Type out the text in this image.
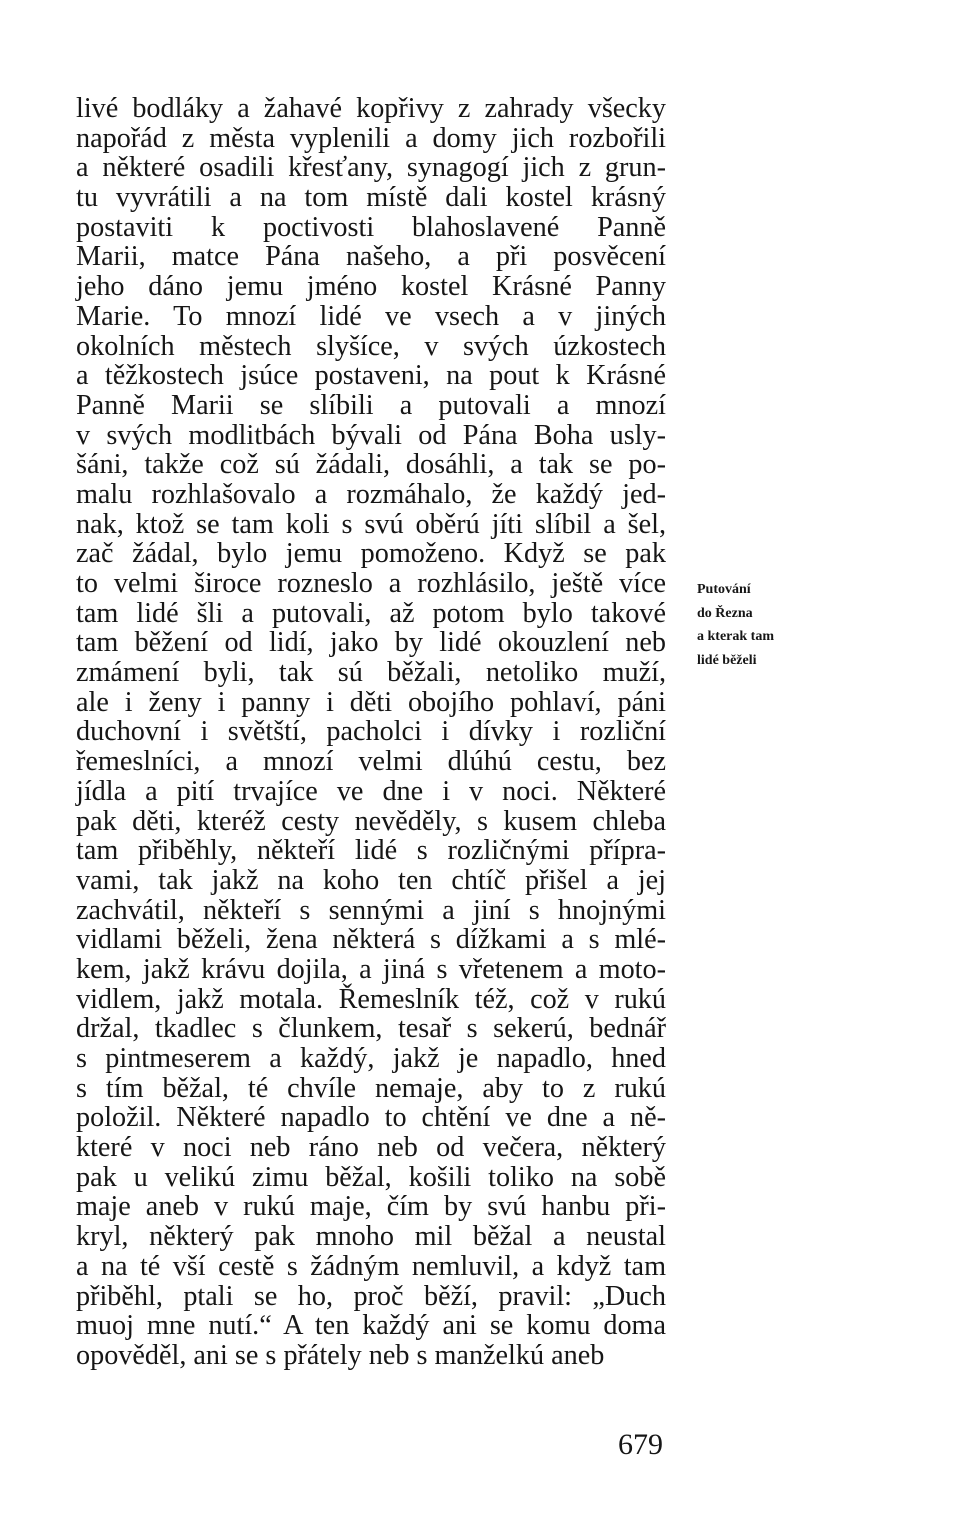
livé bodláky a žahavé kopřivy z zahrady všecky
napořád z města vyplenili a domy jich rozbořili
a některé osadili křesťany, synagogí jich z grun-
tu vyvrátili a na tom místě dali kostel krásný
postaviti k poctivosti blahoslavené Panně
Marii, matce Pána našeho, a při posvěcení
jeho dáno jemu jméno kostel Krásné Panny
Marie. To mnozí lidé ve vsech a v jiných
okolních městech slyšíce, v svých úzkostech
a těžkostech jsúce postaveni, na pout k Krásné
Panně Marii se slíbili a putovali a mnozí
v svých modlitbách bývali od Pána Boha usly-
šáni, takže což sú žádali, dosáhli, a tak se po-
malu rozhlašovalo a rozmáhalo, že každý jed-
nak, ktož se tam koli s svú oběrú jíti slíbil a šel,
zač žádal, bylo jemu pomoženo. Když se pak
to velmi široce rozneslo a rozhlásilo, ještě více
tam lidé šli a putovali, až potom bylo takové
tam běžení od lidí, jako by lidé okouzlení neb
zmámení byli, tak sú běžali, netoliko muží,
ale i ženy i panny i děti obojího pohlaví, páni
duchovní i světští, pacholci i dívky i rozliční
řemeslníci, a mnozí velmi dlúhú cestu, bez
jídla a pití trvajíce ve dne i v noci. Některé
pak děti, kteréž cesty nevěděly, s kusem chleba
tam přiběhly, někteří lidé s rozličnými přípra-
vami, tak jakž na koho ten chtíč přišel a jej
zachvátil, někteří s sennými a jiní s hnojnými
vidlami běželi, žena některá s dížkami a s mlé-
kem, jakž krávu dojila, a jiná s vřetenem a moto-
vidlem, jakž motala. Řemeslník též, což v rukú
držal, tkadlec s člunkem, tesař s sekerú, bednář
s pintmeserem a každý, jakž je napadlo, hned
s tím běžal, té chvíle nemaje, aby to z rukú
položil. Některé napadlo to chtění ve dne a ně-
které v noci neb ráno neb od večera, některý
pak u velikú zimu běžal, košili toliko na sobě
maje aneb v rukú maje, čím by svú hanbu při-
kryl, některý pak mnoho mil běžal a neustal
a na té vší cestě s žádným nemluvil, a když tam
přiběhl, ptali se ho, proč běží, pravil: „Duch
muoj mne nutí.“ A ten každý ani se komu doma
opověděl, ani se s přátely neb s manželkú aneb
Putování
do Řezna
a kterak tam
lidé běželi
679
